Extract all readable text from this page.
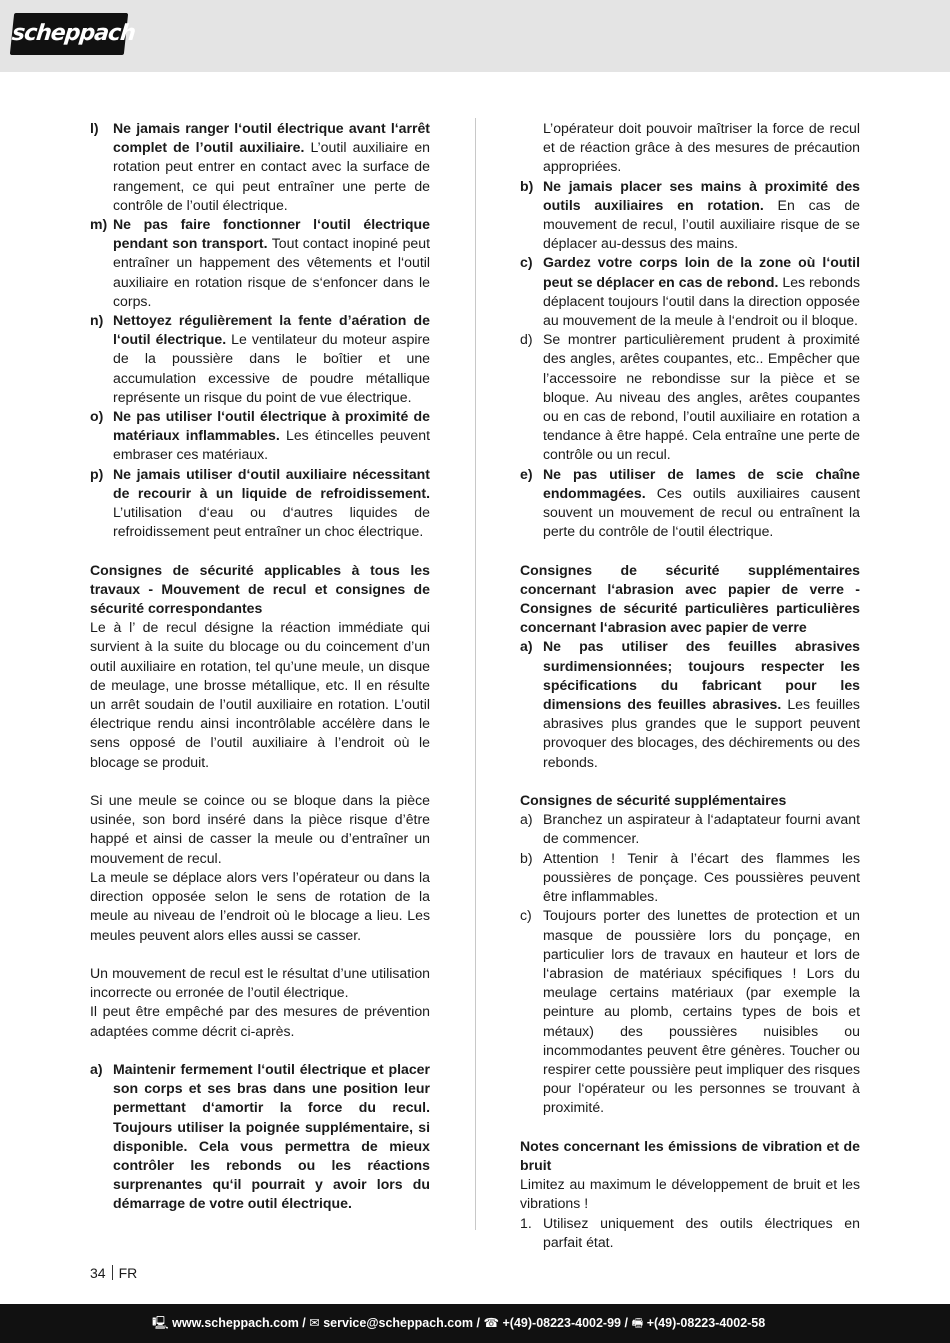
scheppach
l)	Ne jamais ranger l‘outil électrique avant l‘arrêt complet de l’outil auxiliaire. L’outil auxiliaire en rotation peut entrer en contact avec la surface de rangement, ce qui peut entraîner une perte de contrôle de l’outil électrique.

m) Ne pas faire fonctionner l‘outil électrique pendant son transport. Tout contact inopiné peut entraîner un happement des vêtements et l‘outil auxiliaire en rotation risque de s‘enfoncer dans le corps.

n) Nettoyez régulièrement la fente d’aération de l‘outil électrique. Le ventilateur du moteur aspire de la poussière dans le boîtier et une accumulation excessive de poudre métallique représente un risque du point de vue électrique.

o) Ne pas utiliser l‘outil électrique à proximité de matériaux inflammables. Les étincelles peuvent embraser ces matériaux.

p) Ne jamais utiliser d‘outil auxiliaire nécessitant de recourir à un liquide de refroidissement. L’utilisation d‘eau ou d‘autres liquides de refroidissement peut entraîner un choc électrique.

Consignes de sécurité applicables à tous les travaux - Mouvement de recul et consignes de sécurité correspondantes

Le à l’ de recul désigne la réaction immédiate qui survient à la suite du blocage ou du coincement d’un outil auxiliaire en rotation, tel qu’une meule, un disque de meulage, une brosse métallique, etc. Il en résulte un arrêt soudain de l’outil auxiliaire en rotation. L’outil électrique rendu ainsi incontrôlable accélère dans le sens opposé de l’outil auxiliaire à l’endroit où le blocage se produit.

Si une meule se coince ou se bloque dans la pièce usinée, son bord inséré dans la pièce risque d’être happé et ainsi de casser la meule ou d’entraîner un mouvement de recul.

La meule se déplace alors vers l’opérateur ou dans la direction opposée selon le sens de rotation de la meule au niveau de l’endroit où le blocage a lieu. Les meules peuvent alors elles aussi se casser.

Un mouvement de recul est le résultat d’une utilisation incorrecte ou erronée de l’outil électrique.

Il peut être empêché par des mesures de prévention adaptées comme décrit ci-après.

a) Maintenir fermement l‘outil électrique et placer son corps et ses bras dans une position leur permettant d‘amortir la force du recul. Toujours utiliser la poignée supplémentaire, si disponible. Cela vous permettra de mieux contrôler les rebonds ou les réactions surprenantes qu‘il pourrait y avoir lors du démarrage de votre outil électrique.

L’opérateur doit pouvoir maîtriser la force de recul et de réaction grâce à des mesures de précaution appropriées.

b) Ne jamais placer ses mains à proximité des outils auxiliaires en rotation. En cas de mouvement de recul, l’outil auxiliaire risque de se déplacer au-dessus des mains.

c) Gardez votre corps loin de la zone où l‘outil peut se déplacer en cas de rebond. Les rebonds déplacent toujours l‘outil dans la direction opposée au mouvement de la meule à l‘endroit ou il bloque.

d) Se montrer particulièrement prudent à proximité des angles, arêtes coupantes, etc.. Empêcher que l’accessoire ne rebondisse sur la pièce et se bloque. Au niveau des angles, arêtes coupantes ou en cas de rebond, l’outil auxiliaire en rotation a tendance à être happé. Cela entraîne une perte de contrôle ou un recul.

e) Ne pas utiliser de lames de scie chaîne endommagées. Ces outils auxiliaires causent souvent un mouvement de recul ou entraînent la perte du contrôle de l‘outil électrique.

Consignes de sécurité supplémentaires concernant l‘abrasion avec papier de verre - Consignes de sécurité particulières particulières concernant l‘abrasion avec papier de verre

a) Ne pas utiliser des feuilles abrasives surdimensionnées; toujours respecter les spécifications du fabricant pour les dimensions des feuilles abrasives. Les feuilles abrasives plus grandes que le support peuvent provoquer des blocages, des déchirements ou des rebonds.

Consignes de sécurité supplémentaires

a) Branchez un aspirateur à l‘adaptateur fourni avant de commencer.

b) Attention ! Tenir à l’écart des flammes les poussières de ponçage. Ces poussières peuvent être inflammables.

c) Toujours porter des lunettes de protection et un masque de poussière lors du ponçage, en particulier lors de travaux en hauteur et lors de l‘abrasion de matériaux spécifiques ! Lors du meulage certains matériaux (par exemple la peinture au plomb, certains types de bois et métaux) des poussières nuisibles ou incommodantes peuvent être génères. Toucher ou respirer cette poussière peut impliquer des risques pour l‘opérateur ou les personnes se trouvant à proximité.

Notes concernant les émissions de vibration et de bruit

Limitez au maximum le développement de bruit et les vibrations !

1. Utilisez uniquement des outils électriques en parfait état.

34 FR
🖳 www.scheppach.com / ✉ service@scheppach.com / ☎ +(49)-08223-4002-99 / 🖷 +(49)-08223-4002-58
